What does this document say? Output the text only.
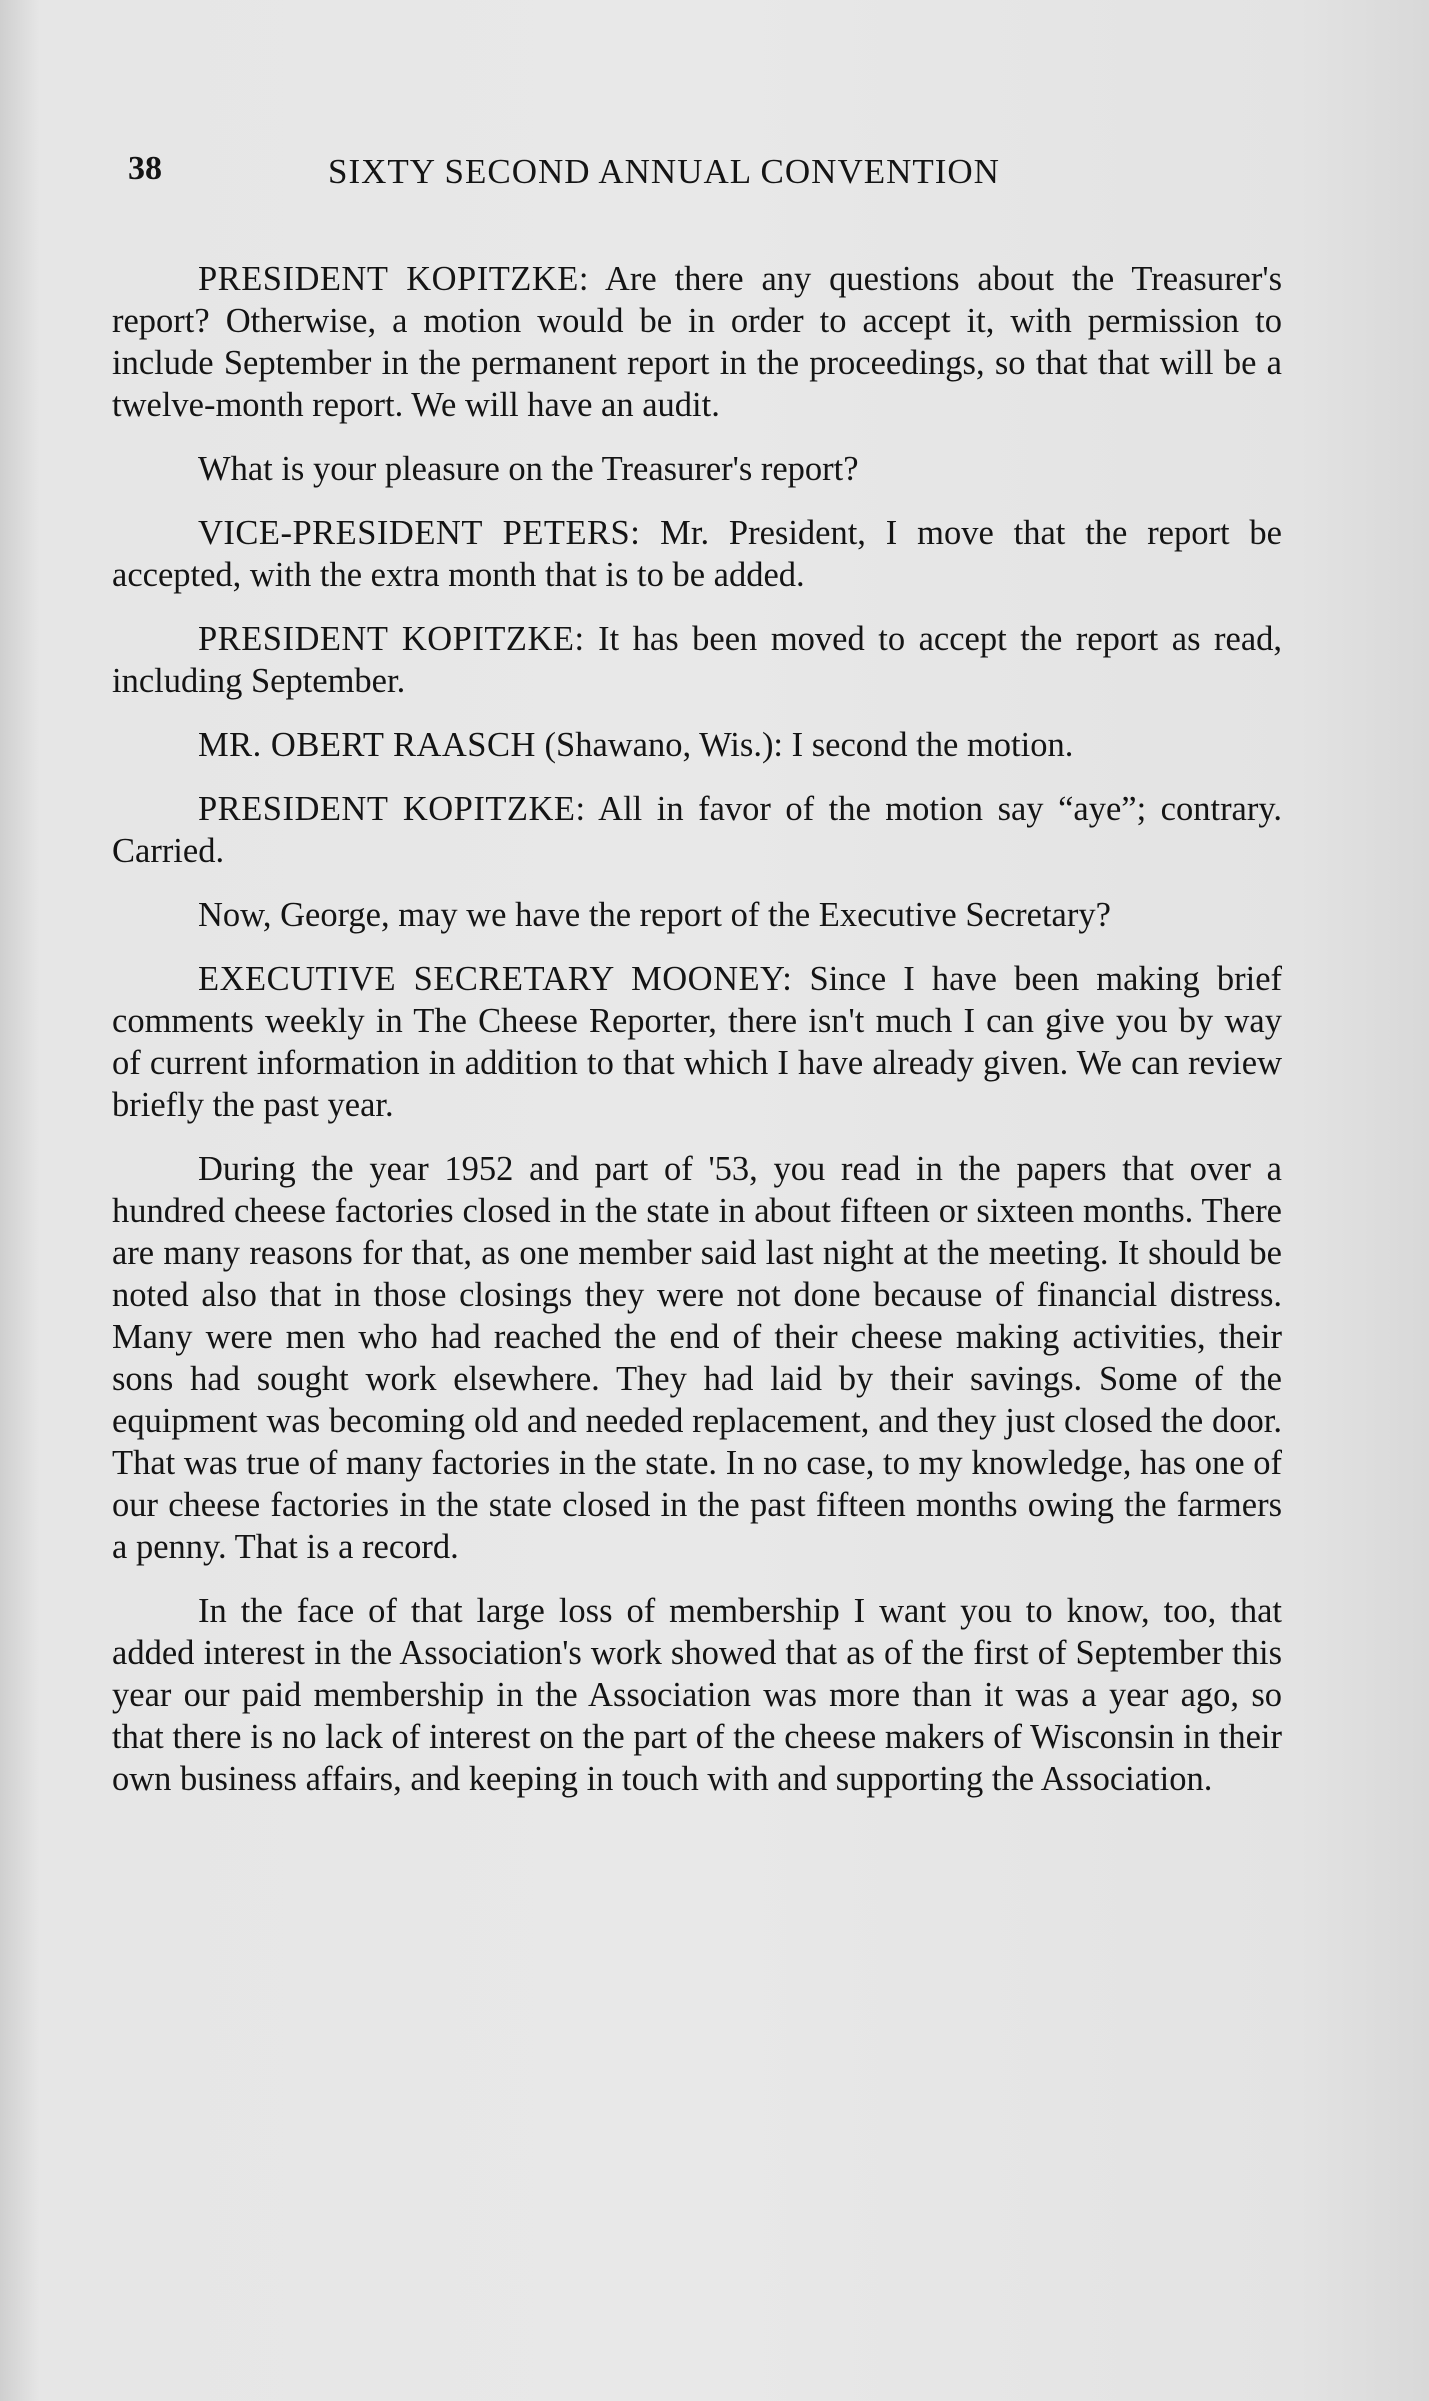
38	SIXTY SECOND ANNUAL CONVENTION

PRESIDENT KOPITZKE: Are there any questions about the Treasurer's report? Otherwise, a motion would be in order to accept it, with permission to include September in the permanent report in the proceedings, so that that will be a twelve-month report. We will have an audit.

What is your pleasure on the Treasurer's report?

VICE-PRESIDENT PETERS: Mr. President, I move that the report be accepted, with the extra month that is to be added.

PRESIDENT KOPITZKE: It has been moved to accept the report as read, including September.

MR. OBERT RAASCH (Shawano, Wis.): I second the motion.

PRESIDENT KOPITZKE: All in favor of the motion say “aye”; contrary. Carried.

Now, George, may we have the report of the Executive Secretary?

EXECUTIVE SECRETARY MOONEY: Since I have been making brief comments weekly in The Cheese Reporter, there isn't much I can give you by way of current information in addition to that which I have already given. We can review briefly the past year.

During the year 1952 and part of '53, you read in the papers that over a hundred cheese factories closed in the state in about fifteen or sixteen months. There are many reasons for that, as one member said last night at the meeting. It should be noted also that in those closings they were not done because of financial distress. Many were men who had reached the end of their cheese making activities, their sons had sought work elsewhere. They had laid by their savings. Some of the equipment was becoming old and needed replacement, and they just closed the door. That was true of many factories in the state. In no case, to my knowledge, has one of our cheese factories in the state closed in the past fifteen months owing the farmers a penny. That is a record.

In the face of that large loss of membership I want you to know, too, that added interest in the Association's work showed that as of the first of September this year our paid membership in the Association was more than it was a year ago, so that there is no lack of interest on the part of the cheese makers of Wisconsin in their own business affairs, and keeping in touch with and supporting the Association.
